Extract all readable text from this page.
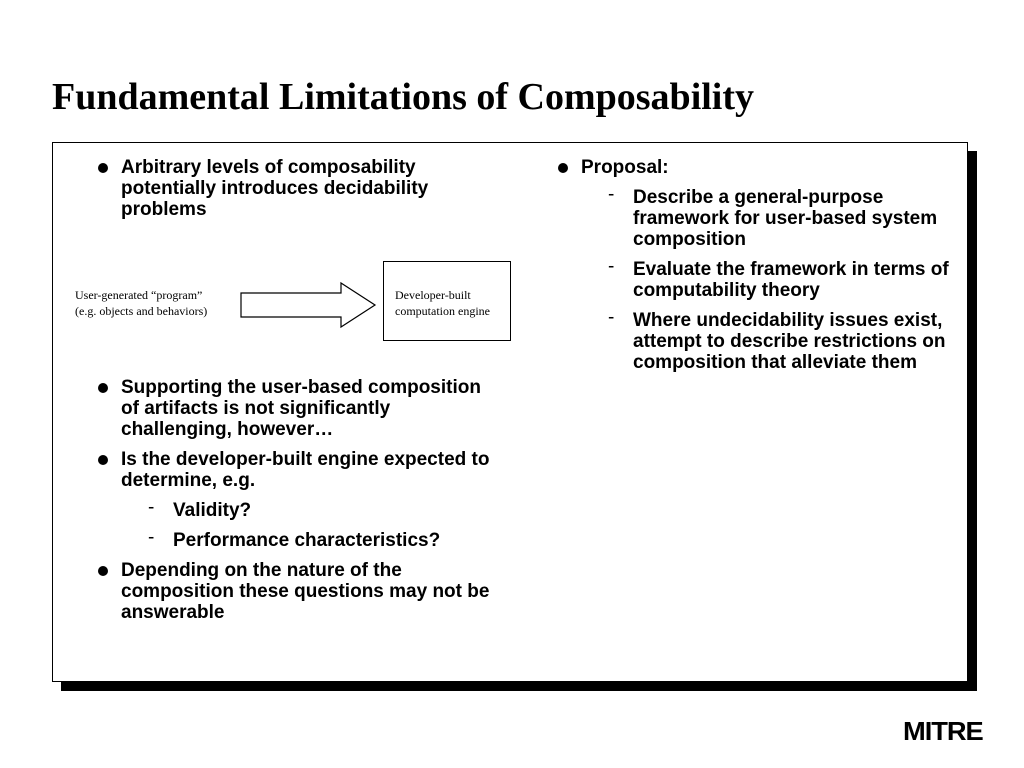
Fundamental Limitations of Composability
Arbitrary levels of composability potentially introduces decidability problems
User-generated “program”
(e.g. objects and behaviors)
Developer-built
computation engine
Supporting the user-based composition of artifacts is not significantly challenging, however…
Is the developer-built engine expected to determine, e.g.
- Validity?
- Performance characteristics?
Depending on the nature of the composition these questions may not be answerable
Proposal:
- Describe a general-purpose framework for user-based system composition
- Evaluate the framework in terms of computability theory
- Where undecidability issues exist, attempt to describe restrictions on composition that alleviate them
MITRE
